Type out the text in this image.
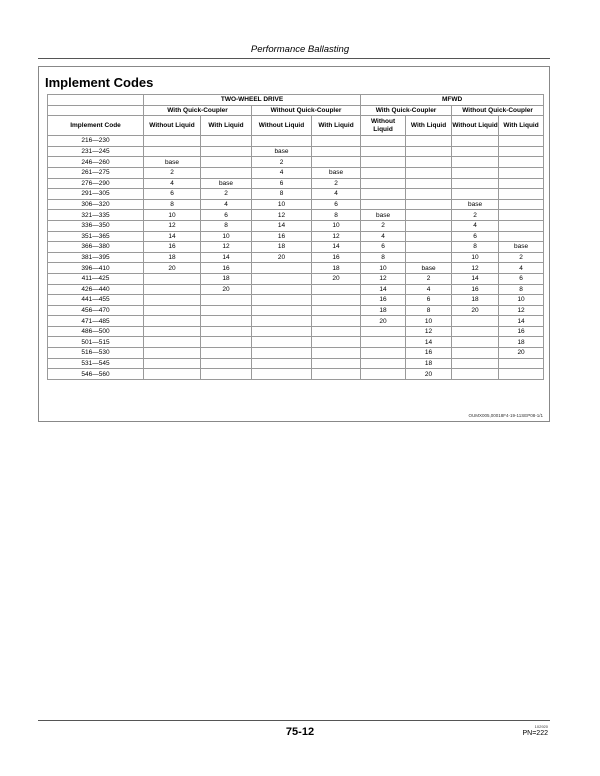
Performance Ballasting
Implement Codes
	TWO-WHEEL DRIVE				MFWD			
	With Quick-Coupler		Without Quick-Coupler		With Quick-Coupler		Without Quick-Coupler	
Implement Code	Without Liquid	With Liquid	Without Liquid	With Liquid	Without Liquid	With Liquid	Without Liquid	With Liquid
216—230								
231—245			base					
246—260	base		2					
261—275	2		4	base				
276—290	4	base	6	2				
291—305	6	2	8	4				
306—320	8	4	10	6			base	
321—335	10	6	12	8	base		2	
336—350	12	8	14	10	2		4	
351—365	14	10	16	12	4		6	
366—380	16	12	18	14	6		8	base
381—395	18	14	20	16	8		10	2
396—410	20	16		18	10	base	12	4
411—425		18		20	12	2	14	6
426—440		20			14	4	16	8
441—455					16	6	18	10
456—470					18	8	20	12
471—485					20	10		14
486—500						12		16
501—515						14		18
516—530						16		20
531—545						18		
546—560						20		
OUMX005,00018F4-19-11SEP08-1/1
75-12	102920
PN=222
